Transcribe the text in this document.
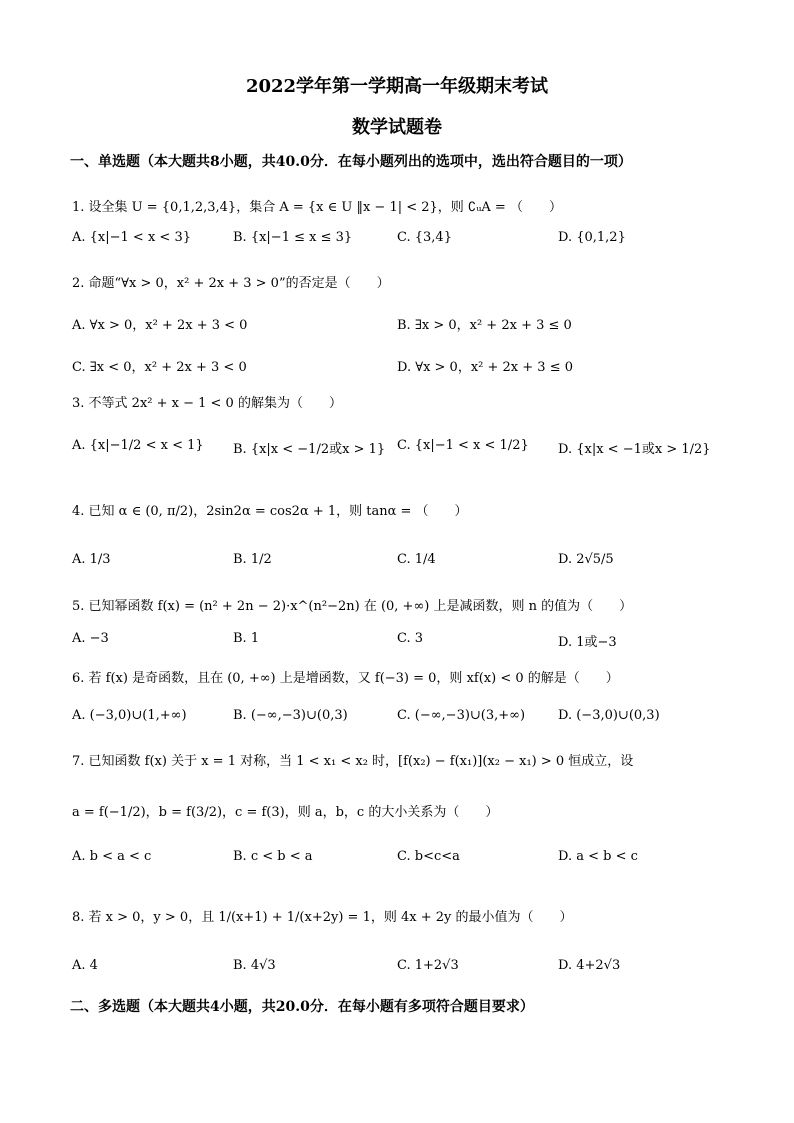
2022学年第一学期高一年级期末考试
数学试题卷
一、单选题（本大题共8小题，共40.0分．在每小题列出的选项中，选出符合题目的一项）
1. 设全集 U = {0,1,2,3,4}，集合 A = {x ∈ U ‖x − 1| < 2}，则 ∁ᵤA = （　　）
A. {x|−1 < x < 3}	B. {x|−1 ≤ x ≤ 3}	C. {3,4}	D. {0,1,2}
2. 命题“∀x > 0，x² + 2x + 3 > 0”的否定是（　　）
A. ∀x > 0，x² + 2x + 3 < 0	B. ∃x > 0，x² + 2x + 3 ≤ 0
C. ∃x < 0，x² + 2x + 3 < 0	D. ∀x > 0，x² + 2x + 3 ≤ 0
3. 不等式 2x² + x − 1 < 0 的解集为（　　）
A. {x|−1/2 < x < 1} B. {x|x < −1/2或x > 1} C. {x|−1 < x < 1/2} D. {x|x < −1或x > 1/2}
4. 已知 α ∈ (0, π/2)，2sin2α = cos2α + 1，则 tanα = （　　）
A. 1/3	B. 1/2	C. 1/4	D. 2√5/5
5. 已知幂函数 f(x) = (n² + 2n − 2)·x^(n²−2n) 在 (0, +∞) 上是减函数，则 n 的值为（　　）
A. −3	B. 1	C. 3	D. 1或−3
6. 若 f(x) 是奇函数，且在 (0, +∞) 上是增函数，又 f(−3) = 0，则 xf(x) < 0 的解是（　　）
A. (−3,0)∪(1,+∞)	B. (−∞,−3)∪(0,3)	C. (−∞,−3)∪(3,+∞)	D. (−3,0)∪(0,3)
7. 已知函数 f(x) 关于 x = 1 对称，当 1 < x₁ < x₂ 时，[f(x₂) − f(x₁)](x₂ − x₁) > 0 恒成立，设
a = f(−1/2)，b = f(3/2)，c = f(3)，则 a，b，c 的大小关系为（　　）
A. b < a < c	B. c < b < a	C. b<c<a	D. a < b < c
8. 若 x > 0，y > 0，且 1/(x+1) + 1/(x+2y) = 1，则 4x + 2y 的最小值为（　　）
A. 4	B. 4√3	C. 1+2√3	D. 4+2√3
二、多选题（本大题共4小题，共20.0分．在每小题有多项符合题目要求）
